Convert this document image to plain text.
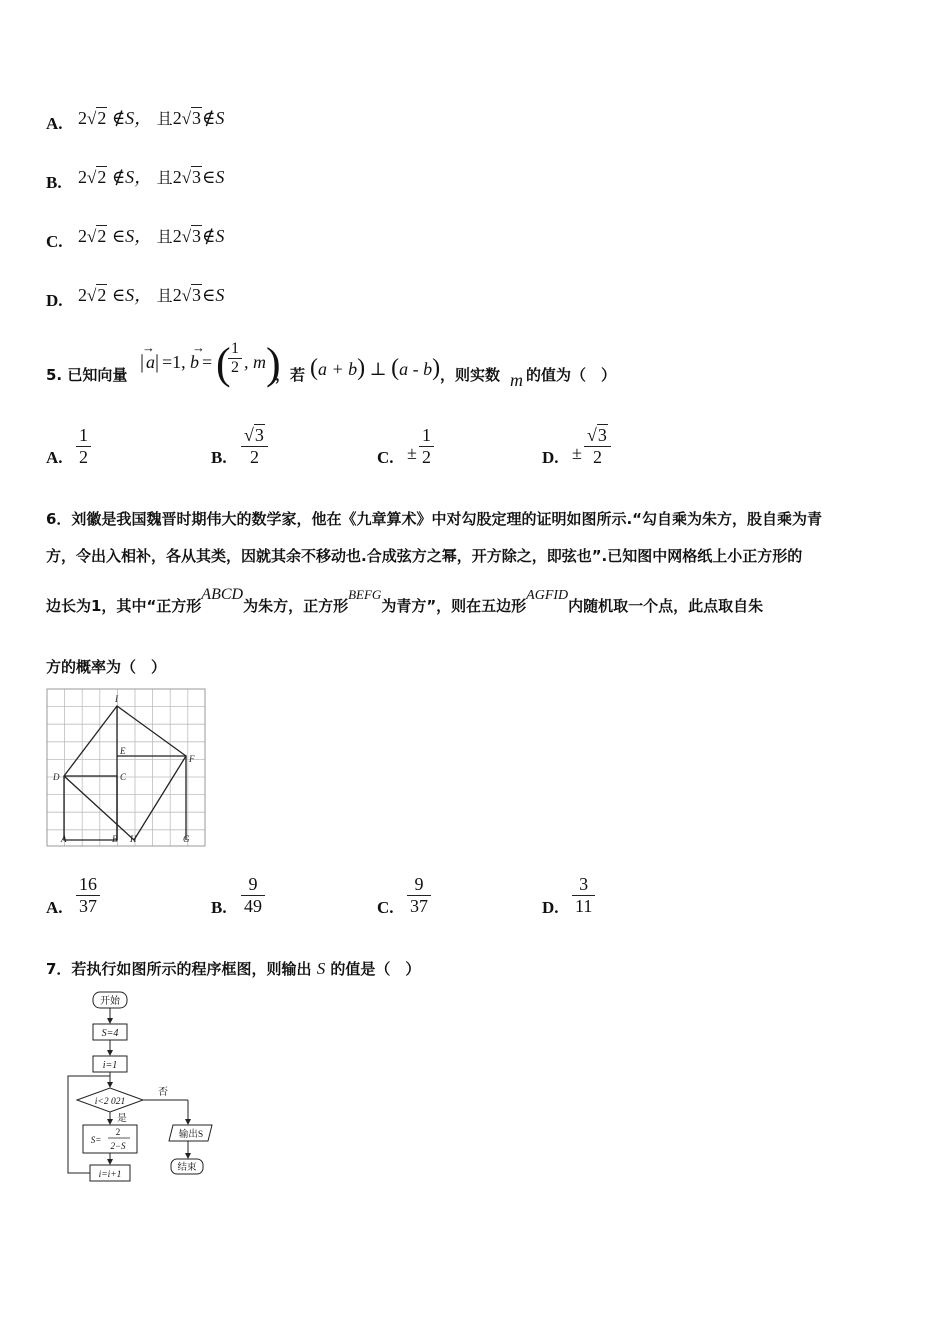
A. 2√2 ∉S， 且2√3∉S
B. 2√2 ∉S， 且2√3∈S
C. 2√2 ∈S， 且2√3∉S
D. 2√2 ∈S， 且2√3∈S
5. 已知向量
→
| a | =1,
→
b = (
$\frac{1}{2}$ , m )
，若 (a + b) ⊥ (a - b) ，则实数 m 的值为（　）
A. $\frac{1}{2}$	B. $\frac{√3}{2}$	C. ± $\frac{1}{2}$	D. ± $\frac{√3}{2}$
6．刘徽是我国魏晋时期伟大的数学家，他在《九章算术》中对勾股定理的证明如图所示.“勾自乘为朱方，股自乘为青
方，令出入相补，各从其类，因就其余不移动也.合成弦方之幂，开方除之，即弦也”.已知图中网格纸上小正方形的
边长为1，其中“正方形ABCD为朱方，正方形BEFG为青方”，则在五边形AGFID内随机取一个点，此点取自朱
方的概率为（　）
I
E
F
D	C
A	B H	G
A. $\frac{16}{37}$	B. $\frac{9}{49}$	C. $\frac{9}{37}$	D. $\frac{3}{11}$
7．若执行如图所示的程序框图，则输出 S 的值是（　）
开始
S=4
i=1
i<2 021
否
是
输出S
结束
S=
2
2−S
i=i+1
